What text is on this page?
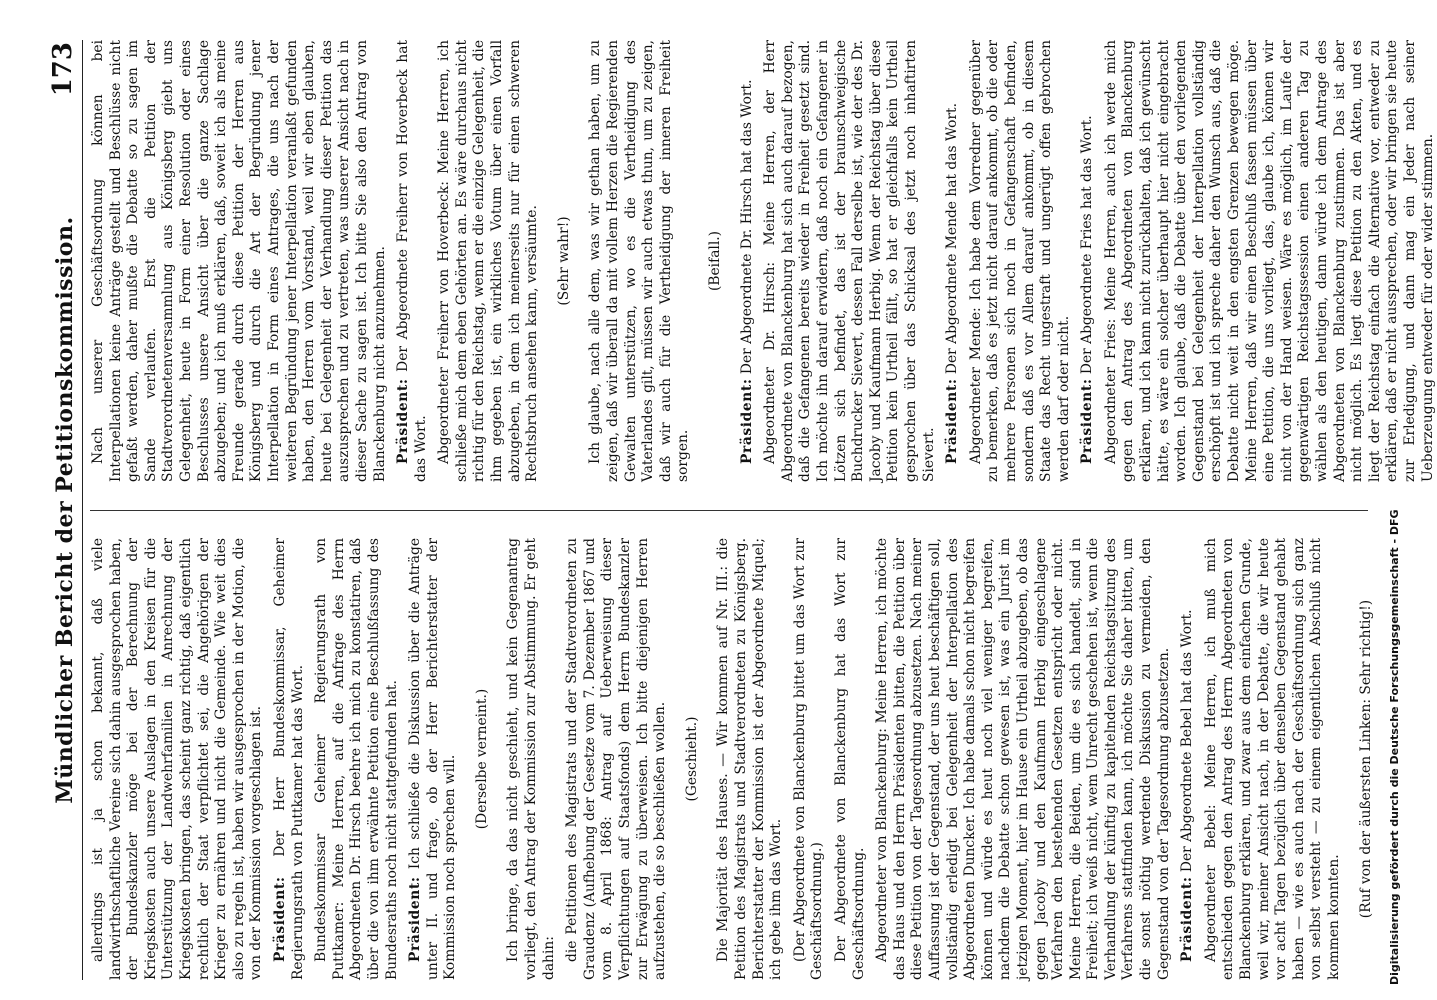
Mündlicher Bericht der Petitionskommission.
173

allerdings ist ja schon bekannt, daß viele landwirthschaftliche Vereine sich dahin ausgesprochen haben, der Bundeskanzler möge bei der Berechnung der Kriegskosten auch unsere Auslagen in den Kreisen für die Unterstützung der Landwehrfamilien in Anrechnung der Kriegskosten bringen, das scheint ganz richtig, daß eigentlich rechtlich der Staat verpflichtet sei, die Angehörigen der Krieger zu ernähren und nicht die Gemeinde. Wie weit dies also zu regeln ist, haben wir ausgesprochen in der Motion, die von der Kommission vorgeschlagen ist. Präsident: Der Herr Bundeskommissar, Geheimer Regierungsrath von Puttkamer hat das Wort. Bundeskommissar Geheimer Regierungsrath von Puttkamer: Meine Herren, auf die Anfrage des Herrn Abgeordneten Dr. Hirsch beehre ich mich zu konstatiren, daß über die von ihm erwähnte Petition eine Beschlußfassung des Bundesraths noch nicht stattgefunden hat. Präsident: Ich schließe die Diskussion über die Anträge unter II. und frage, ob der Herr Berichterstatter der Kommission noch sprechen will. (Derselbe verneint.) Ich bringe, da das nicht geschieht, und kein Gegenantrag vorliegt, den Antrag der Kommission zur Abstimmung. Er geht dahin: die Petitionen des Magistrats und der Stadtverordneten zu Graudenz (Aufhebung der Gesetze vom 7. Dezember 1867 und vom 8. April 1868: Antrag auf Ueberweisung dieser Verpflichtungen auf Staatsfonds) dem Herrn Bundeskanzler zur Erwägung zu überweisen. Ich bitte diejenigen Herren aufzustehen, die so beschließen wollen. (Geschieht.) Die Majorität des Hauses. — Wir kommen auf Nr. III.: die Petition des Magistrats und Stadtverordneten zu Königsberg. Berichterstatter der Kommission ist der Abgeordnete Miquel; ich gebe ihm das Wort. (Der Abgeordnete von Blanckenburg bittet um das Wort zur Geschäftsordnung.) Der Abgeordnete von Blanckenburg hat das Wort zur Geschäftsordnung. Abgeordneter von Blanckenburg: Meine Herren, ich möchte das Haus und den Herrn Präsidenten bitten, die Petition über diese Petition von der Tagesordnung abzusetzen. Nach meiner Auffassung ist der Gegenstand, der uns heut beschäftigen soll, vollständig erledigt bei Gelegenheit der Interpellation des Abgeordneten Duncker. Ich habe damals schon nicht begreifen können und würde es heut noch viel weniger begreifen, nachdem die Debatte schon gewesen ist, was ein Jurist im jetzigen Moment, hier im Hause ein Urtheil abzugeben, ob das gegen Jacoby und den Kaufmann Herbig eingeschlagene Verfahren den bestehenden Gesetzen entspricht oder nicht. Meine Herren, die Beiden, um die es sich handelt, sind in Freiheit; ich weiß nicht, wem Unrecht geschehen ist, wenn die Verhandlung der künftig zu kapitelnden Reichstagsitzung des Verfahrens stattfinden kann, ich möchte Sie daher bitten, um die sonst nöthig werdende Diskussion zu vermeiden, den Gegenstand von der Tagesordnung abzusetzen. Präsident: Der Abgeordnete Bebel hat das Wort. Abgeordneter Bebel: Meine Herren, ich muß mich entschieden gegen den Antrag des Herrn Abgeordneten von Blanckenburg erklären, und zwar aus dem einfachen Grunde, weil wir, meiner Ansicht nach, in der Debatte, die wir heute vor acht Tagen bezüglich über denselben Gegenstand gehabt haben — wie es auch nach der Geschäftsordnung sich ganz von selbst versteht — zu einem eigentlichen Abschluß nicht kommen konnten. (Ruf von der äußersten Linken: Sehr richtig!)

Nach unserer Geschäftsordnung können bei Interpellationen keine Anträge gestellt und Beschlüsse nicht gefaßt werden, daher mußte die Debatte so zu sagen im Sande verlaufen. Erst die Petition der Stadtverordnetenversammlung aus Königsberg giebt uns Gelegenheit, heute in Form einer Resolution oder eines Beschlusses unsere Ansicht über die ganze Sachlage abzugeben; und ich muß erklären, daß, soweit ich als meine Freunde gerade durch diese Petition der Herren aus Königsberg und durch die Art der Begründung jener Interpellation in Form eines Antrages, die uns nach der weiteren Begründung jener Interpellation veranlaßt gefunden haben, den Herren vom Vorstand, weil wir eben glauben, heute bei Gelegenheit der Verhandlung dieser Petition das auszusprechen und zu vertreten, was unserer Ansicht nach in dieser Sache zu sagen ist. Ich bitte Sie also den Antrag von Blanckenburg nicht anzunehmen. Präsident: Der Abgeordnete Freiherr von Hoverbeck hat das Wort. Abgeordneter Freiherr von Hoverbeck: Meine Herren, ich schließe mich dem eben Gehörten an. Es wäre durchaus nicht richtig für den Reichstag, wenn er die einzige Gelegenheit, die ihm gegeben ist, ein wirkliches Votum über einen Vorfall abzugeben, in dem ich meinerseits nur für einen schweren Rechtsbruch ansehen kann, versäumte. (Sehr wahr!) Ich glaube, nach alle dem, was wir gethan haben, um zu zeigen, daß wir überall da mit vollem Herzen die Regierenden Gewalten unterstützen, wo es die Vertheidigung des Vaterlandes gilt, müssen wir auch etwas thun, um zu zeigen, daß wir auch für die Vertheidigung der inneren Freiheit sorgen.

(Beifall.)

Präsident: Der Abgeordnete Dr. Hirsch hat das Wort. Abgeordneter Dr. Hirsch: Meine Herren, der Herr Abgeordnete von Blanckenburg hat sich auch darauf bezogen, daß die Gefangenen bereits wieder in Freiheit gesetzt sind. Ich möchte ihn darauf erwidern, daß noch ein Gefangener in Lötzen sich befindet, das ist der braunschweigische Buchdrucker Sievert, dessen Fall derselbe ist, wie der des Dr. Jacoby und Kaufmann Herbig. Wenn der Reichstag über diese Petition kein Urtheil fällt, so hat er gleichfalls kein Urtheil gesprochen über das Schicksal des jetzt noch inhaftirten Sievert. Präsident: Der Abgeordnete Mende hat das Wort. Abgeordneter Mende: Ich habe dem Vorredner gegenüber zu bemerken, daß es jetzt nicht darauf ankommt, ob die oder mehrere Personen sich noch in Gefangenschaft befinden, sondern daß es vor Allem darauf ankommt, ob in diesem Staate das Recht ungestraft und ungerügt offen gebrochen werden darf oder nicht. Präsident: Der Abgeordnete Fries hat das Wort. Abgeordneter Fries: Meine Herren, auch ich werde mich gegen den Antrag des Abgeordneten von Blanckenburg erklären, und ich kann nicht zurückhalten, daß ich gewünscht hätte, es wäre ein solcher überhaupt hier nicht eingebracht worden. Ich glaube, daß die Debatte über den vorliegenden Gegenstand bei Gelegenheit der Interpellation vollständig erschöpft ist und ich spreche daher den Wunsch aus, daß die Debatte nicht weit in den engsten Grenzen bewegen möge. Meine Herren, daß wir einen Beschluß fassen müssen über eine Petition, die uns vorliegt, das, glaube ich, können wir nicht von der Hand weisen. Wäre es möglich, im Laufe der gegenwärtigen Reichstagssession einen anderen Tag zu wählen als den heutigen, dann würde ich dem Antrage des Abgeordneten von Blanckenburg zustimmen. Das ist aber nicht möglich. Es liegt diese Petition zu den Akten, und es liegt der Reichstag einfach die Alternative vor, entweder zu erklären, daß er nicht aussprechen, oder wir bringen sie heute zur Erledigung, und dann mag ein Jeder nach seiner Ueberzeugung entweder für oder wider stimmen.

Digitalisierung gefördert durch die Deutsche Forschungsgemeinschaft - DFG
